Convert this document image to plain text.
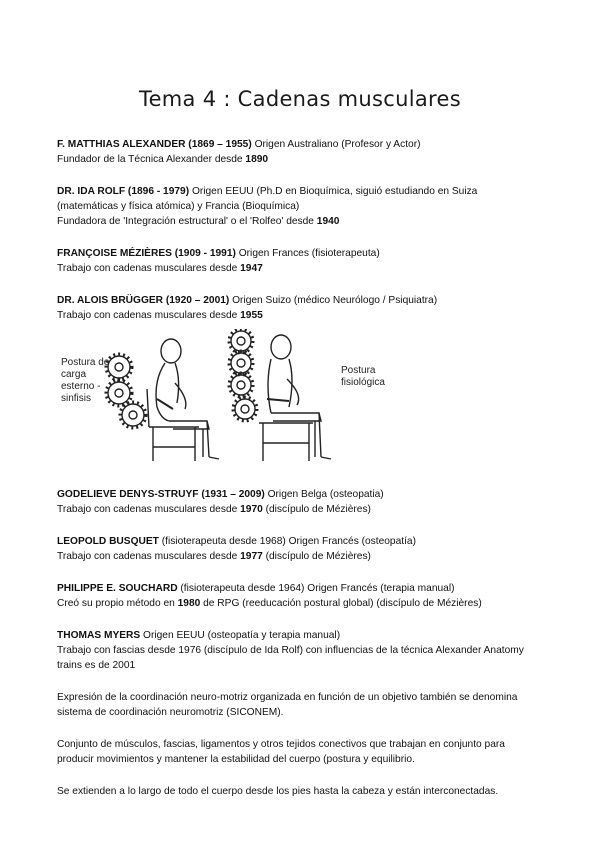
Tema 4 : Cadenas musculares
F. MATTHIAS ALEXANDER (1869 – 1955) Origen Australiano (Profesor y Actor)
Fundador de la Técnica Alexander desde 1890
DR. IDA ROLF (1896 - 1979) Origen EEUU (Ph.D en Bioquímica, siguió estudiando en Suiza (matemáticas y física atómica) y Francia (Bioquímica)
Fundadora de 'Integración estructural' o el 'Rolfeo' desde 1940
FRANÇOISE MÉZIÈRES (1909 - 1991) Origen Frances (fisioterapeuta)
Trabajo con cadenas musculares desde 1947
DR. ALOIS BRÜGGER (1920 – 2001) Origen Suizo (médico Neurólogo / Psiquiatra)
Trabajo con cadenas musculares desde 1955
Postura de
carga
esterno -
sinfisis
Postura
fisiológica
GODELIEVE DENYS-STRUYF (1931 – 2009) Origen Belga (osteopatia)
Trabajo con cadenas musculares desde 1970 (discípulo de Mézières)
LEOPOLD BUSQUET (fisioterapeuta desde 1968) Origen Francés (osteopatía)
Trabajo con cadenas musculares desde 1977 (discípulo de Mézières)
PHILIPPE E. SOUCHARD (fisioterapeuta desde 1964) Origen Francés (terapia manual)
Creó su propio método en 1980 de RPG (reeducación postural global) (discípulo de Mézières)
THOMAS MYERS Origen EEUU (osteopatía y terapia manual)
Trabajo con fascias desde 1976 (discípulo de Ida Rolf) con influencias de la técnica Alexander Anatomy trains es de 2001
Expresión de la coordinación neuro-motriz organizada en función de un objetivo también se denomina sistema de coordinación neuromotriz (SICONEM).
Conjunto de músculos, fascias, ligamentos y otros tejidos conectivos que trabajan en conjunto para producir movimientos y mantener la estabilidad del cuerpo (postura y equilibrio.
Se extienden a lo largo de todo el cuerpo desde los pies hasta la cabeza y están interconectadas.
